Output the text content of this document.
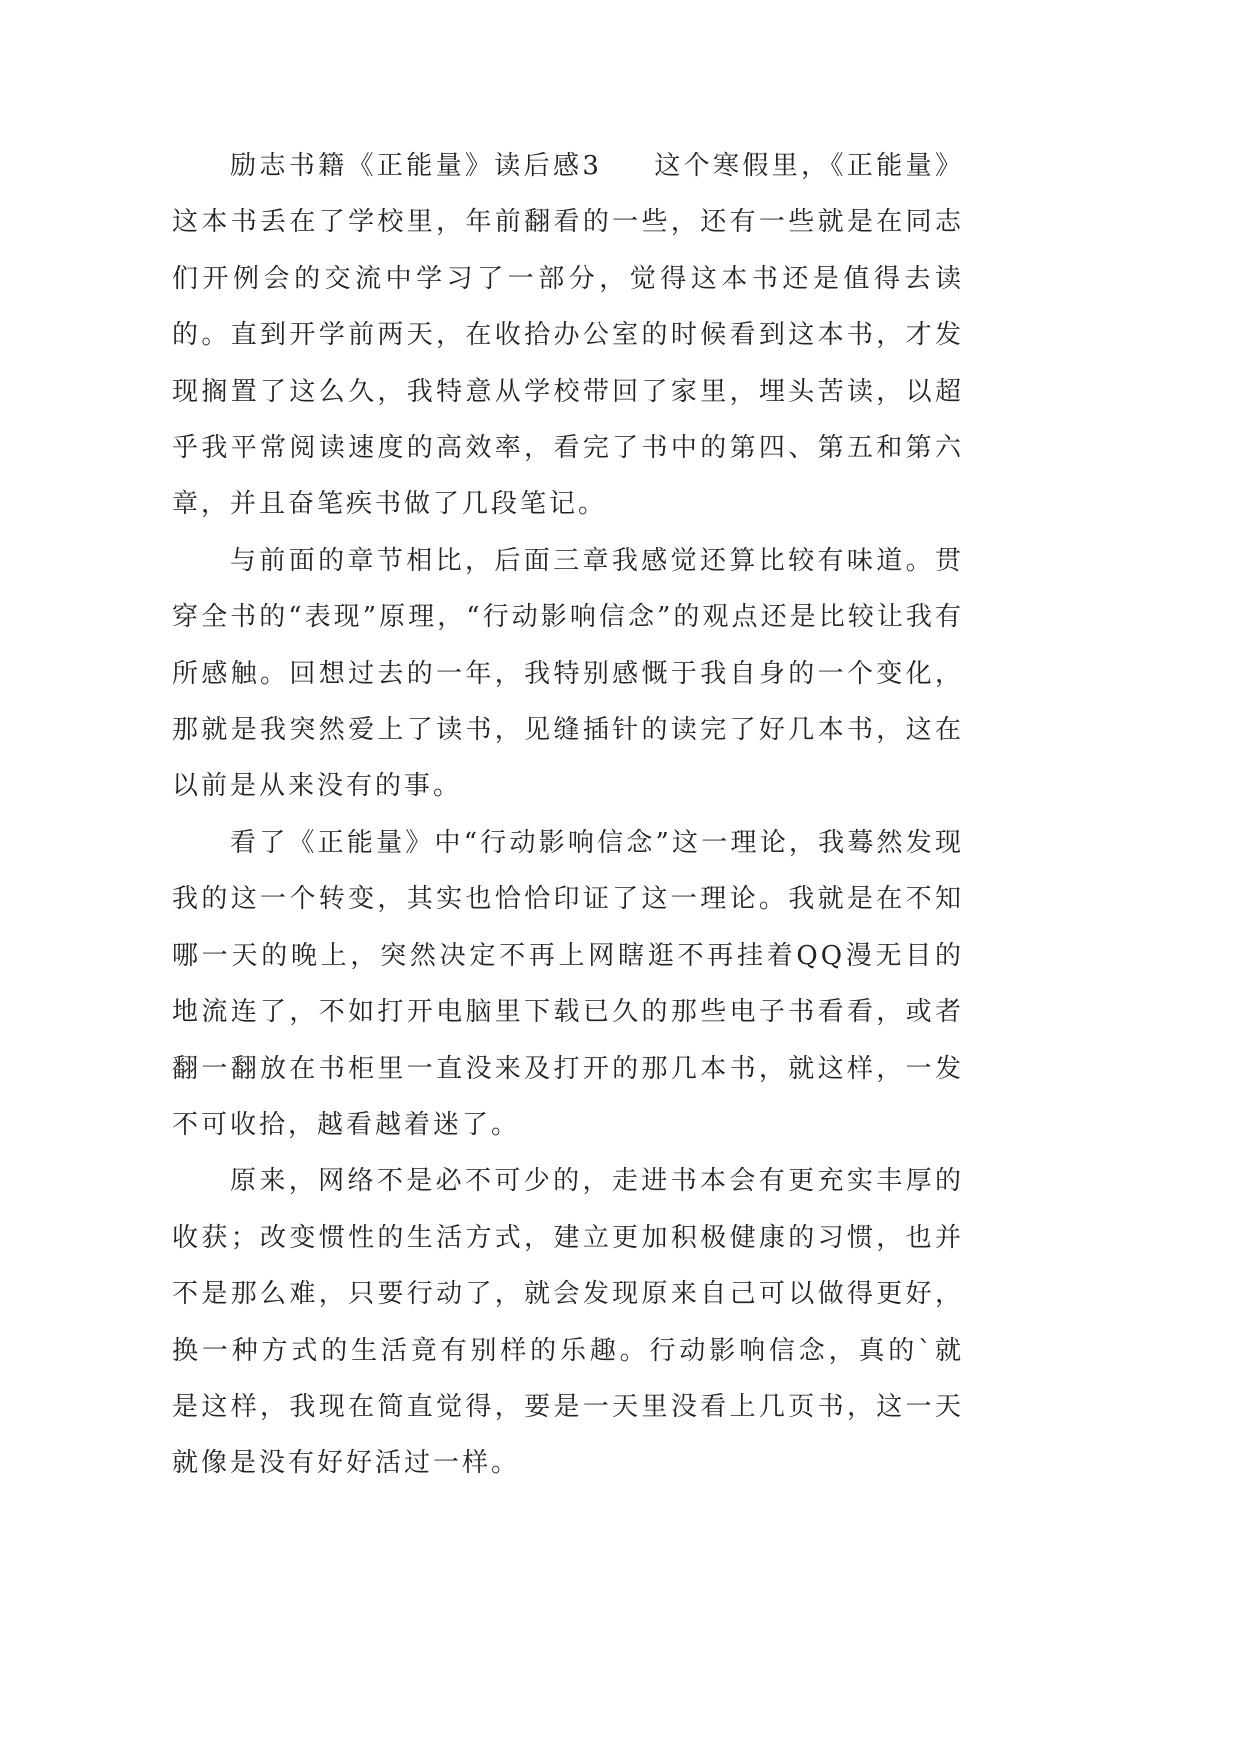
励志书籍《正能量》读后感3 这个寒假里，《正能量》这本书丢在了学校里，年前翻看的一些，还有一些就是在同志们开例会的交流中学习了一部分，觉得这本书还是值得去读的。直到开学前两天，在收拾办公室的时候看到这本书，才发现搁置了这么久，我特意从学校带回了家里，埋头苦读，以超乎我平常阅读速度的高效率，看完了书中的第四、第五和第六章，并且奋笔疾书做了几段笔记。

与前面的章节相比，后面三章我感觉还算比较有味道。贯穿全书的“表现”原理，“行动影响信念”的观点还是比较让我有所感触。回想过去的一年，我特别感慨于我自身的一个变化，那就是我突然爱上了读书，见缝插针的读完了好几本书，这在以前是从来没有的事。

看了《正能量》中“行动影响信念”这一理论，我蓦然发现我的这一个转变，其实也恰恰印证了这一理论。我就是在不知哪一天的晚上，突然决定不再上网瞎逛不再挂着QQ漫无目的地流连了，不如打开电脑里下载已久的那些电子书看看，或者翻一翻放在书柜里一直没来及打开的那几本书，就这样，一发不可收拾，越看越着迷了。

原来，网络不是必不可少的，走进书本会有更充实丰厚的收获；改变惯性的生活方式，建立更加积极健康的习惯，也并不是那么难，只要行动了，就会发现原来自己可以做得更好，换一种方式的生活竟有别样的乐趣。行动影响信念，真的`就是这样，我现在简直觉得，要是一天里没看上几页书，这一天就像是没有好好活过一样。
